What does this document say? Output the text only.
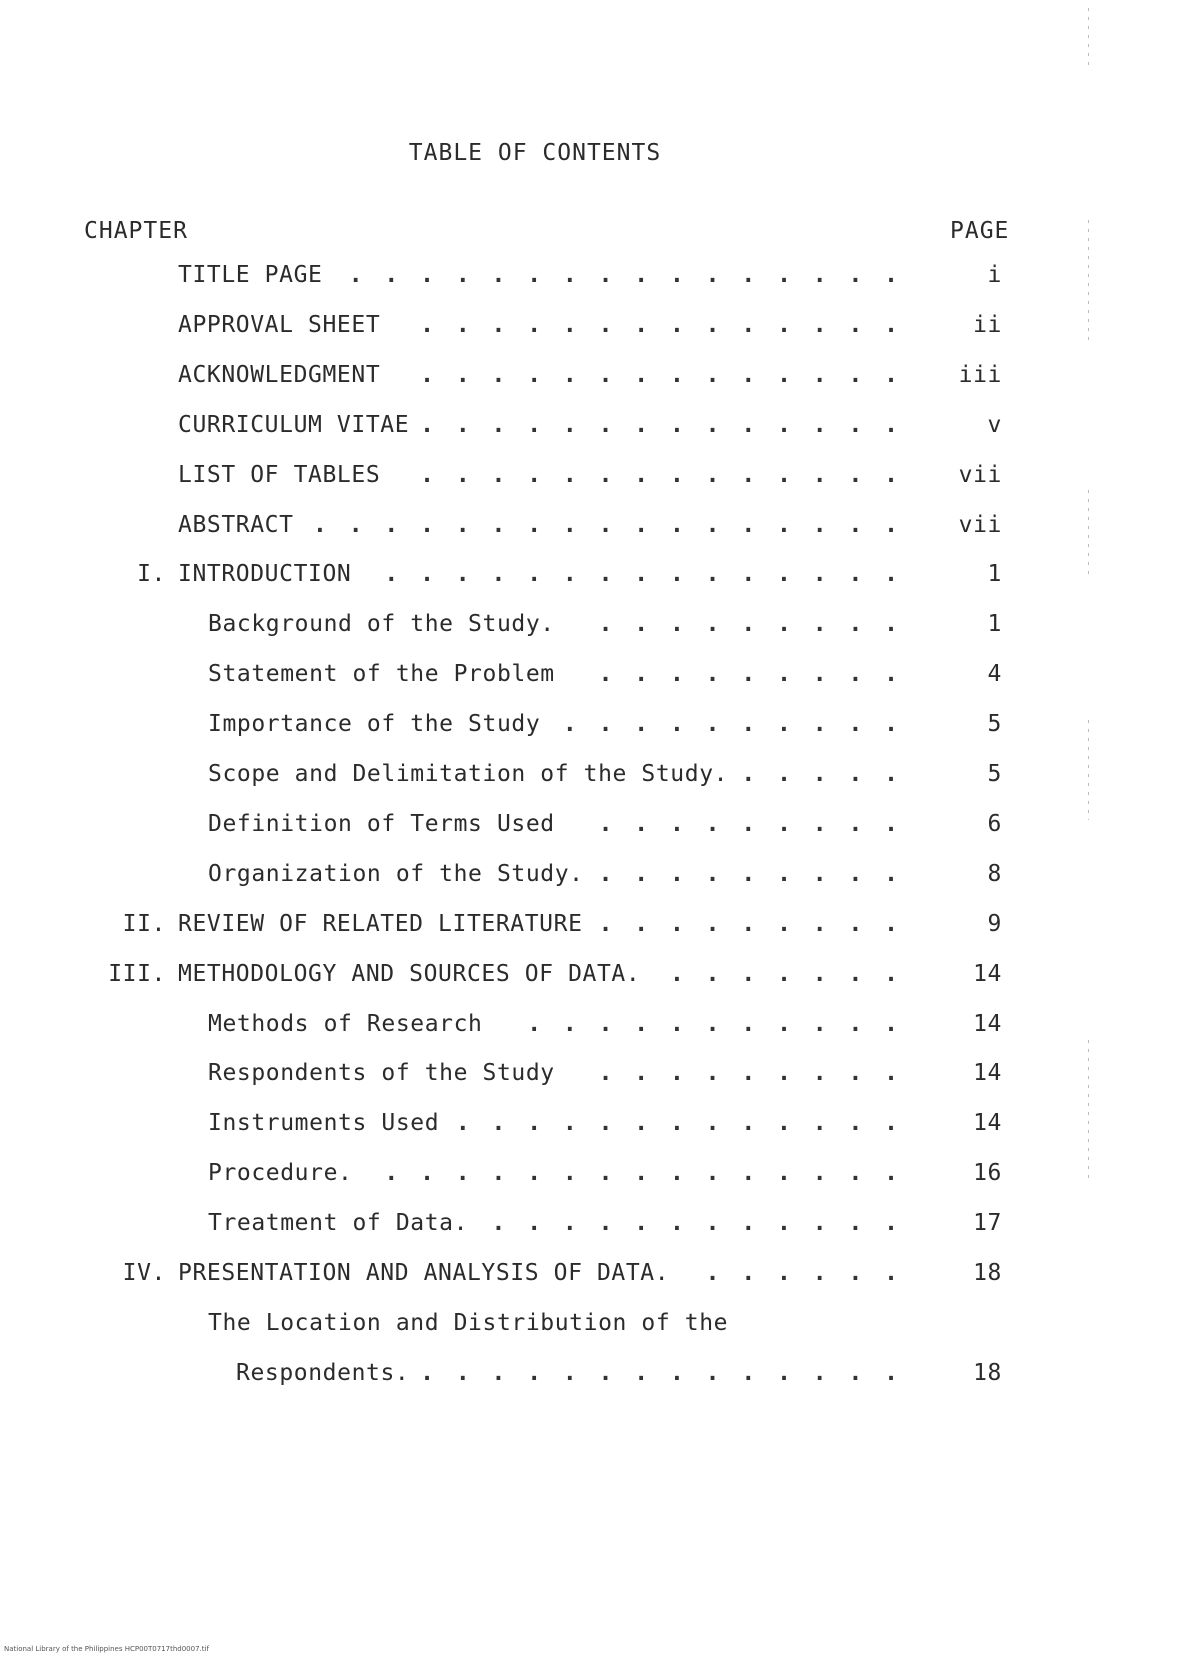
TABLE OF CONTENTS
CHAPTER	PAGE
TITLE PAGE . . . . . . . . . . . . . . . .	i
APPROVAL SHEET . . . . . . . . . . . . . .	ii
ACKNOWLEDGMENT . . . . . . . . . . . . . .	iii
CURRICULUM VITAE . . . . . . . . . . . . . .	v
LIST OF TABLES . . . . . . . . . . . . . .	vii
ABSTRACT . . . . . . . . . . . . . . . . .	vii
I. INTRODUCTION . . . . . . . . . . . . . . .	1
Background of the Study. . . . . . . . . .	1
Statement of the Problem . . . . . . . . .	4
Importance of the Study . . . . . . . . . .	5
Scope and Delimitation of the Study. . . . . .	5
Definition of Terms Used . . . . . . . . .	6
Organization of the Study. . . . . . . . . .	8
II. REVIEW OF RELATED LITERATURE . . . . . . . . .	9
III. METHODOLOGY AND SOURCES OF DATA. . . . . . . .	14
Methods of Research . . . . . . . . . . .	14
Respondents of the Study . . . . . . . . .	14
Instruments Used . . . . . . . . . . . . .	14
Procedure. . . . . . . . . . . . . . . .	16
Treatment of Data. . . . . . . . . . . . .	17
IV. PRESENTATION AND ANALYSIS OF DATA. . . . . . .	18
The Location and Distribution of the
Respondents. . . . . . . . . . . . . . .	18
National Library of the Philippines HCP00T0717thd0007.tif
